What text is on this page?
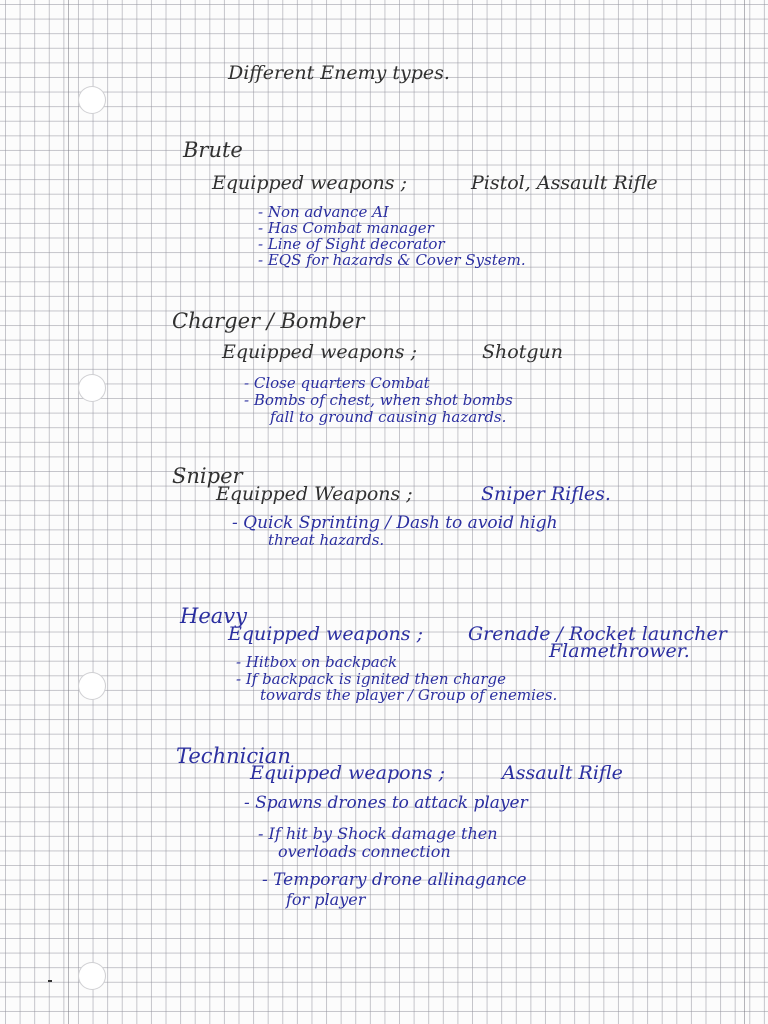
Different Enemy types.
Brute
Equipped weapons ;	Pistol, Assault Rifle
- Non advance AI
- Has Combat manager
- Line of Sight decorator
- EQS for hazards & Cover System.
Charger / Bomber
Equipped weapons ;	Shotgun
- Close quarters Combat
- Bombs of chest, when shot bombs
fall to ground causing hazards.
Sniper
Equipped Weapons ;	Sniper Rifles.
- Quick Sprinting / Dash to avoid high
threat hazards.
Heavy
Equipped weapons ; Grenade / Rocket launcher
Flamethrower.
- Hitbox on backpack
- If backpack is ignited then charge
towards the player / Group of enemies.
Technician
Equipped weapons ;	Assault Rifle
- Spawns drones to attack player
- If hit by Shock damage then
overloads connection
- Temporary drone allinagance
for player
